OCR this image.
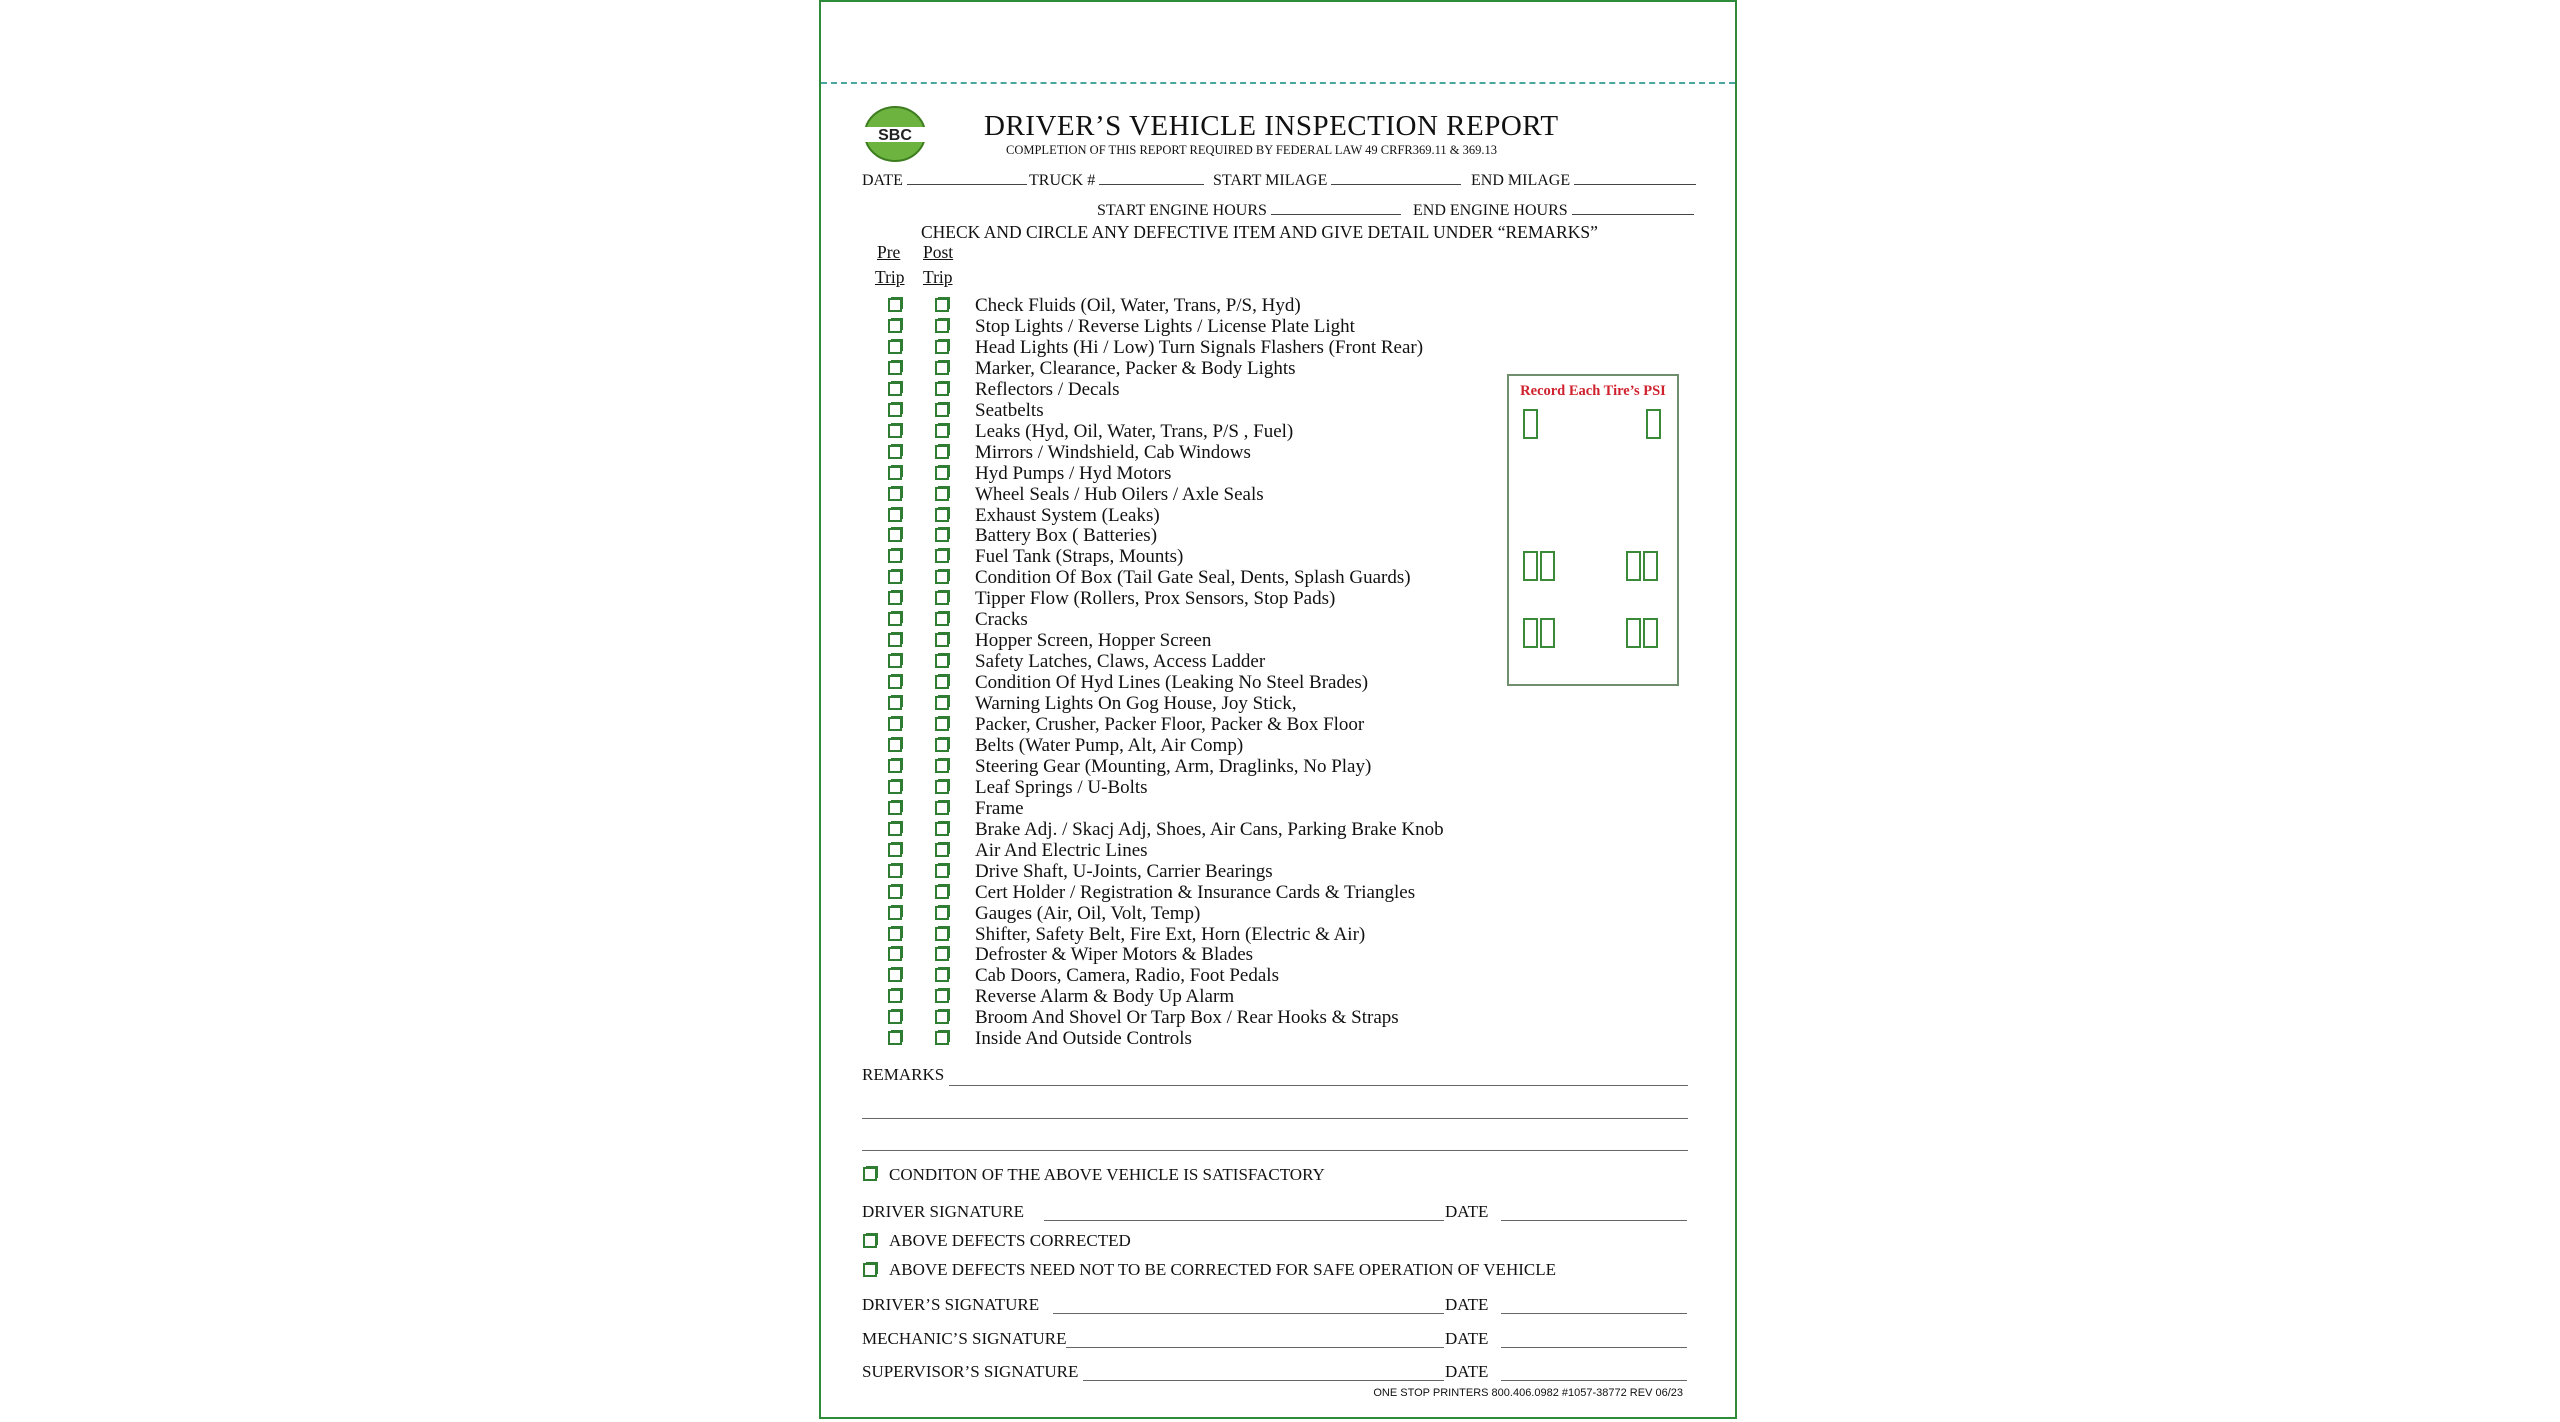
SBC DRIVER’S VEHICLE INSPECTION REPORT
COMPLETION OF THIS REPORT REQUIRED BY FEDERAL LAW 49 CRFR369.11 & 369.13
DATE	TRUCK #	START MILAGE	END MILAGE
START ENGINE HOURS	END ENGINE HOURS
CHECK AND CIRCLE ANY DEFECTIVE ITEM AND GIVE DETAIL UNDER “REMARKS”
Pre
Trip
Post
Trip
Check Fluids (Oil, Water, Trans, P/S, Hyd)
Stop Lights / Reverse Lights / License Plate Light
Head Lights (Hi / Low) Turn Signals Flashers (Front Rear)
Marker, Clearance, Packer & Body Lights
Reflectors / Decals
Seatbelts
Leaks (Hyd, Oil, Water, Trans, P/S , Fuel)
Mirrors / Windshield, Cab Windows
Hyd Pumps / Hyd Motors
Wheel Seals / Hub Oilers / Axle Seals
Exhaust System (Leaks)
Battery Box ( Batteries)
Fuel Tank (Straps, Mounts)
Condition Of Box (Tail Gate Seal, Dents, Splash Guards)
Tipper Flow (Rollers, Prox Sensors, Stop Pads)
Cracks
Hopper Screen, Hopper Screen
Safety Latches, Claws, Access Ladder
Condition Of Hyd Lines (Leaking No Steel Brades)
Warning Lights On Gog House, Joy Stick,
Packer, Crusher, Packer Floor, Packer & Box Floor
Belts (Water Pump, Alt, Air Comp)
Steering Gear (Mounting, Arm, Draglinks, No Play)
Leaf Springs / U-Bolts
Frame
Brake Adj. / Skacj Adj, Shoes, Air Cans, Parking Brake Knob
Air And Electric Lines
Drive Shaft, U-Joints, Carrier Bearings
Cert Holder / Registration & Insurance Cards & Triangles
Gauges (Air, Oil, Volt, Temp)
Shifter, Safety Belt, Fire Ext, Horn (Electric & Air)
Defroster & Wiper Motors & Blades
Cab Doors, Camera, Radio, Foot Pedals
Reverse Alarm & Body Up Alarm
Broom And Shovel Or Tarp Box / Rear Hooks & Straps
Inside And Outside Controls
Record Each Tire’s PSI
REMARKS
CONDITON OF THE ABOVE VEHICLE IS SATISFACTORY
DRIVER SIGNATURE	DATE
ABOVE DEFECTS CORRECTED
ABOVE DEFECTS NEED NOT TO BE CORRECTED FOR SAFE OPERATION OF VEHICLE
DRIVER’S SIGNATURE	DATE
MECHANIC’S SIGNATURE	DATE
SUPERVISOR’S SIGNATURE	DATE
ONE STOP PRINTERS 800.406.0982 #1057-38772 REV 06/23
